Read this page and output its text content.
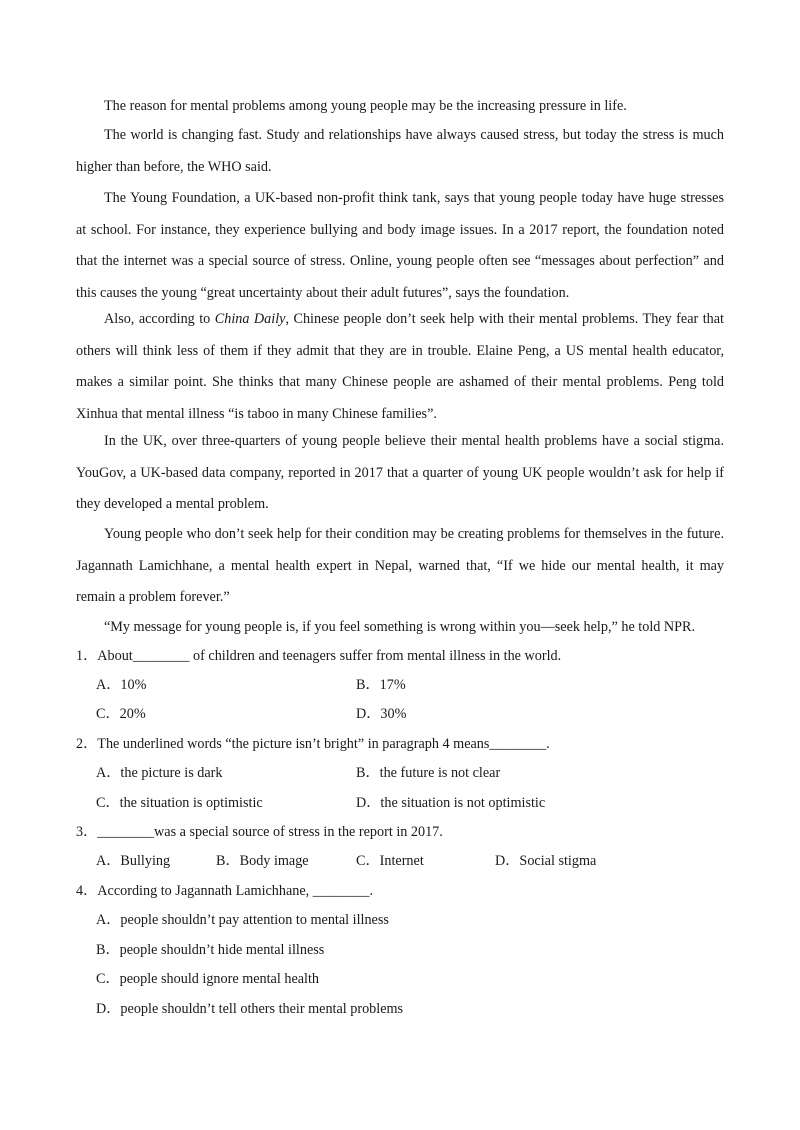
The reason for mental problems among young people may be the increasing pressure in life.
The world is changing fast. Study and relationships have always caused stress, but today the stress is much higher than before, the WHO said.
The Young Foundation, a UK-based non-profit think tank, says that young people today have huge stresses at school. For instance, they experience bullying and body image issues. In a 2017 report, the foundation noted that the internet was a special source of stress. Online, young people often see “messages about perfection” and this causes the young “great uncertainty about their adult futures”, says the foundation.
Also, according to China Daily, Chinese people don’t seek help with their mental problems. They fear that others will think less of them if they admit that they are in trouble. Elaine Peng, a US mental health educator, makes a similar point. She thinks that many Chinese people are ashamed of their mental problems. Peng told Xinhua that mental illness “is taboo in many Chinese families”.
In the UK, over three-quarters of young people believe their mental health problems have a social stigma. YouGov, a UK-based data company, reported in 2017 that a quarter of young UK people wouldn’t ask for help if they developed a mental problem.
Young people who don’t seek help for their condition may be creating problems for themselves in the future. Jagannath Lamichhane, a mental health expert in Nepal, warned that, “If we hide our mental health, it may remain a problem forever.”
“My message for young people is, if you feel something is wrong within you—seek help,” he told NPR.
1．About________ of children and teenagers suffer from mental illness in the world.
A．10%	B．17%
C．20%	D．30%
2．The underlined words “the picture isn’t bright” in paragraph 4 means________.
A．the picture is dark	B．the future is not clear
C．the situation is optimistic	D．the situation is not optimistic
3．________was a special source of stress in the report in 2017.
A．Bullying	B．Body image	C．Internet	D．Social stigma
4．According to Jagannath Lamichhane, ________.
A．people shouldn’t pay attention to mental illness
B．people shouldn’t hide mental illness
C．people should ignore mental health
D．people shouldn’t tell others their mental problems
